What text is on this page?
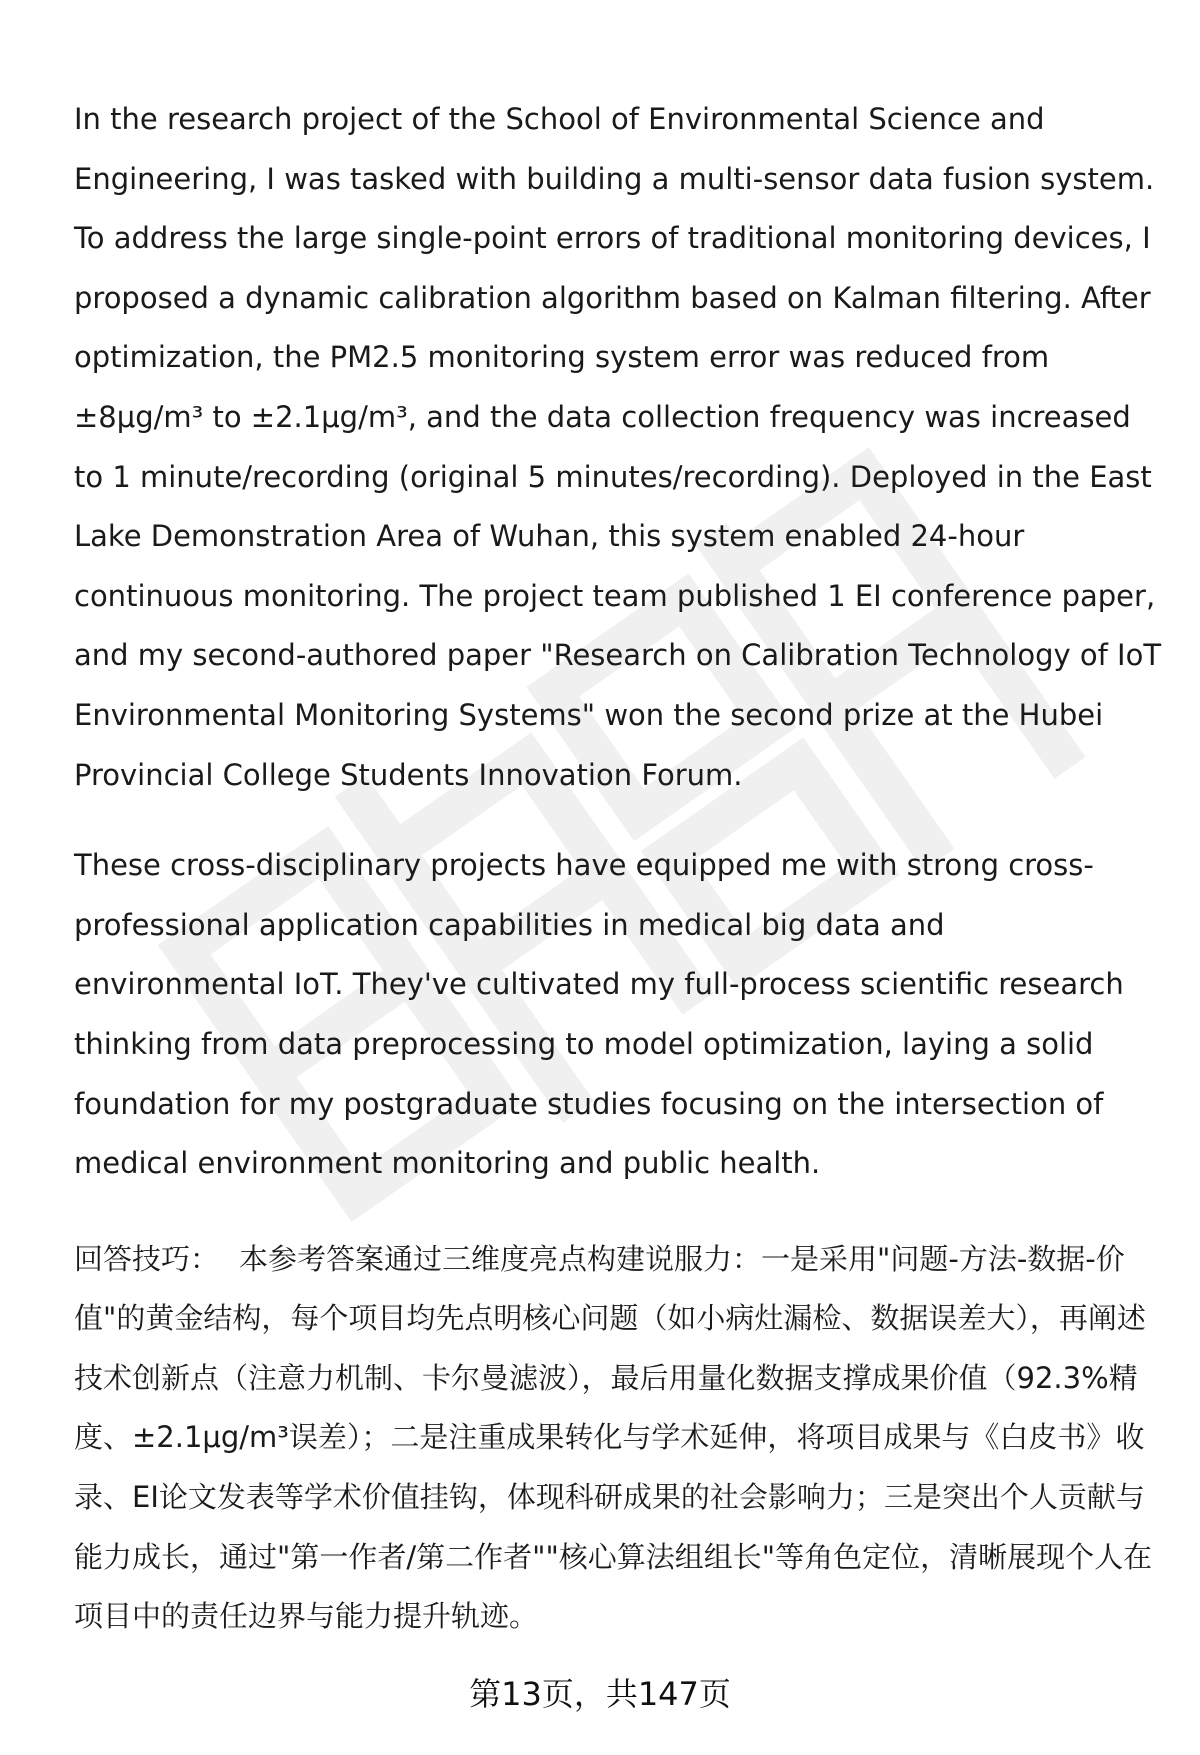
In the research project of the School of Environmental Science and Engineering, I was tasked with building a multi-sensor data fusion system. To address the large single-point errors of traditional monitoring devices, I proposed a dynamic calibration algorithm based on Kalman filtering. After optimization, the PM2.5 monitoring system error was reduced from ±8μg/m³ to ±2.1μg/m³, and the data collection frequency was increased to 1 minute/recording (original 5 minutes/recording). Deployed in the East Lake Demonstration Area of Wuhan, this system enabled 24-hour continuous monitoring. The project team published 1 EI conference paper, and my second-authored paper "Research on Calibration Technology of IoT Environmental Monitoring Systems" won the second prize at the Hubei Provincial College Students Innovation Forum.

These cross-disciplinary projects have equipped me with strong cross-professional application capabilities in medical big data and environmental IoT. They've cultivated my full-process scientific research thinking from data preprocessing to model optimization, laying a solid foundation for my postgraduate studies focusing on the intersection of medical environment monitoring and public health.

回答技巧： 本参考答案通过三维度亮点构建说服力：一是采用"问题-方法-数据-价值"的黄金结构，每个项目均先点明核心问题（如小病灶漏检、数据误差大），再阐述技术创新点（注意力机制、卡尔曼滤波），最后用量化数据支撑成果价值（92.3%精度、±2.1μg/m³误差）；二是注重成果转化与学术延伸，将项目成果与《白皮书》收录、EI论文发表等学术价值挂钩，体现科研成果的社会影响力；三是突出个人贡献与能力成长，通过"第一作者/第二作者""核心算法组组长"等角色定位，清晰展现个人在项目中的责任边界与能力提升轨迹。

第13页，共147页
